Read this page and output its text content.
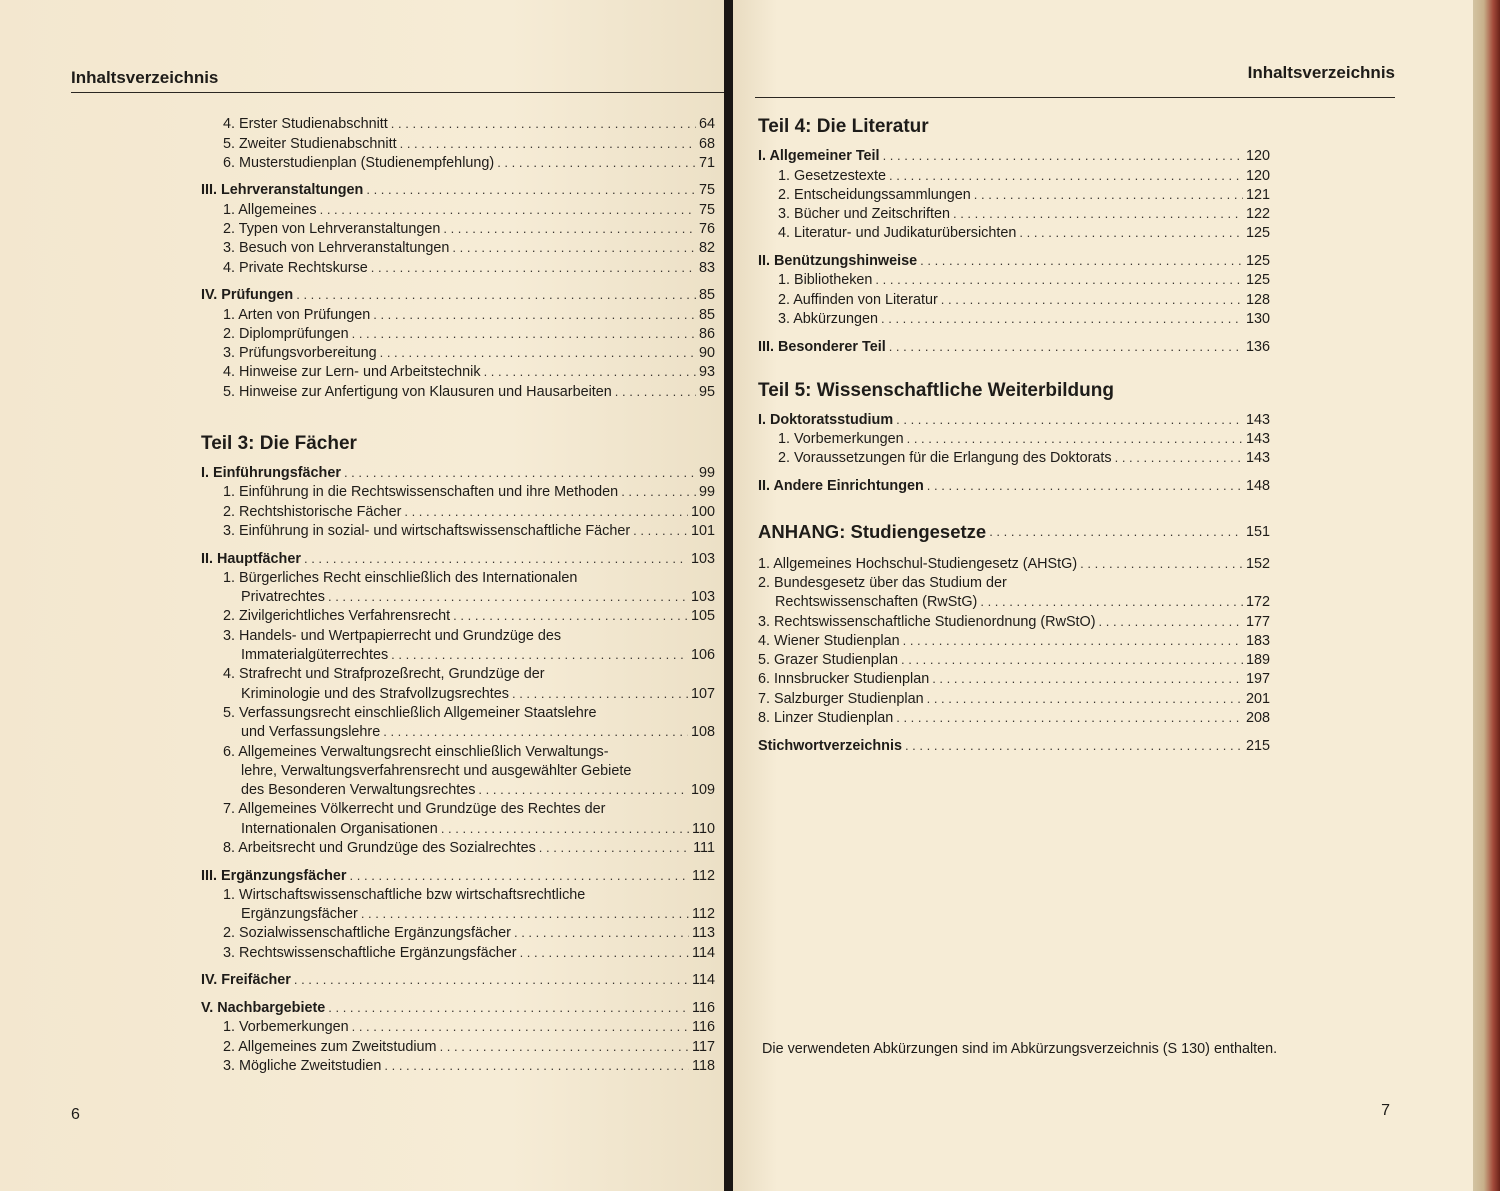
Inhaltsverzeichnis
4. Erster Studienabschnitt . . .	64
5. Zweiter Studienabschnitt . . .	68
6. Musterstudienplan (Studienempfehlung) . . .	71
III. Lehrveranstaltungen . . .	75
1. Allgemeines . . .	75
2. Typen von Lehrveranstaltungen . . .	76
3. Besuch von Lehrveranstaltungen . . .	82
4. Private Rechtskurse . . .	83
IV. Prüfungen . . .	85
1. Arten von Prüfungen . . .	85
2. Diplomprüfungen . . .	86
3. Prüfungsvorbereitung . . .	90
4. Hinweise zur Lern- und Arbeitstechnik . . .	93
5. Hinweise zur Anfertigung von Klausuren und Hausarbeiten . . .	95
Teil 3: Die Fächer
I. Einführungsfächer . . .	99
1. Einführung in die Rechtswissenschaften und ihre Methoden . . .	99
2. Rechtshistorische Fächer . . .	100
3. Einführung in sozial- und wirtschaftswissenschaftliche Fächer . . .	101
II. Hauptfächer . . .	103
1. Bürgerliches Recht einschließlich des Internationalen
Privatrechtes . . .	103
2. Zivilgerichtliches Verfahrensrecht . . .	105
3. Handels- und Wertpapierrecht und Grundzüge des
Immaterialgüterrechtes . . .	106
4. Strafrecht und Strafprozeßrecht, Grundzüge der
Kriminologie und des Strafvollzugsrechtes . . .	107
5. Verfassungsrecht einschließlich Allgemeiner Staatslehre
und Verfassungslehre . . .	108
6. Allgemeines Verwaltungsrecht einschließlich Verwaltungs-
lehre, Verwaltungsverfahrensrecht und ausgewählter Gebiete
des Besonderen Verwaltungsrechtes . . .	109
7. Allgemeines Völkerrecht und Grundzüge des Rechtes der
Internationalen Organisationen . . .	110
8. Arbeitsrecht und Grundzüge des Sozialrechtes . . .	111
III. Ergänzungsfächer . . .	112
1. Wirtschaftswissenschaftliche bzw wirtschaftsrechtliche
Ergänzungsfächer . . .	112
2. Sozialwissenschaftliche Ergänzungsfächer . . .	113
3. Rechtswissenschaftliche Ergänzungsfächer . . .	114
IV. Freifächer . . .	114
V. Nachbargebiete . . .	116
1. Vorbemerkungen . . .	116
2. Allgemeines zum Zweitstudium . . .	117
3. Mögliche Zweitstudien . . .	118
6
Inhaltsverzeichnis
Teil 4: Die Literatur
I. Allgemeiner Teil . . .	120
1. Gesetzestexte . . .	120
2. Entscheidungssammlungen . . .	121
3. Bücher und Zeitschriften . . .	122
4. Literatur- und Judikaturübersichten . . .	125
II. Benützungshinweise . . .	125
1. Bibliotheken . . .	125
2. Auffinden von Literatur . . .	128
3. Abkürzungen . . .	130
III. Besonderer Teil . . .	136
Teil 5: Wissenschaftliche Weiterbildung
I. Doktoratsstudium . . .	143
1. Vorbemerkungen . . .	143
2. Voraussetzungen für die Erlangung des Doktorats . . .	143
II. Andere Einrichtungen . . .	148
ANHANG: Studiengesetze . . .	151
1. Allgemeines Hochschul-Studiengesetz (AHStG) . . .	152
2. Bundesgesetz über das Studium der
Rechtswissenschaften (RwStG) . . .	172
3. Rechtswissenschaftliche Studienordnung (RwStO) . . .	177
4. Wiener Studienplan . . .	183
5. Grazer Studienplan . . .	189
6. Innsbrucker Studienplan . . .	197
7. Salzburger Studienplan . . .	201
8. Linzer Studienplan . . .	208
Stichwortverzeichnis . . .	215
Die verwendeten Abkürzungen sind im Abkürzungsverzeichnis (S 130) enthalten.
7
